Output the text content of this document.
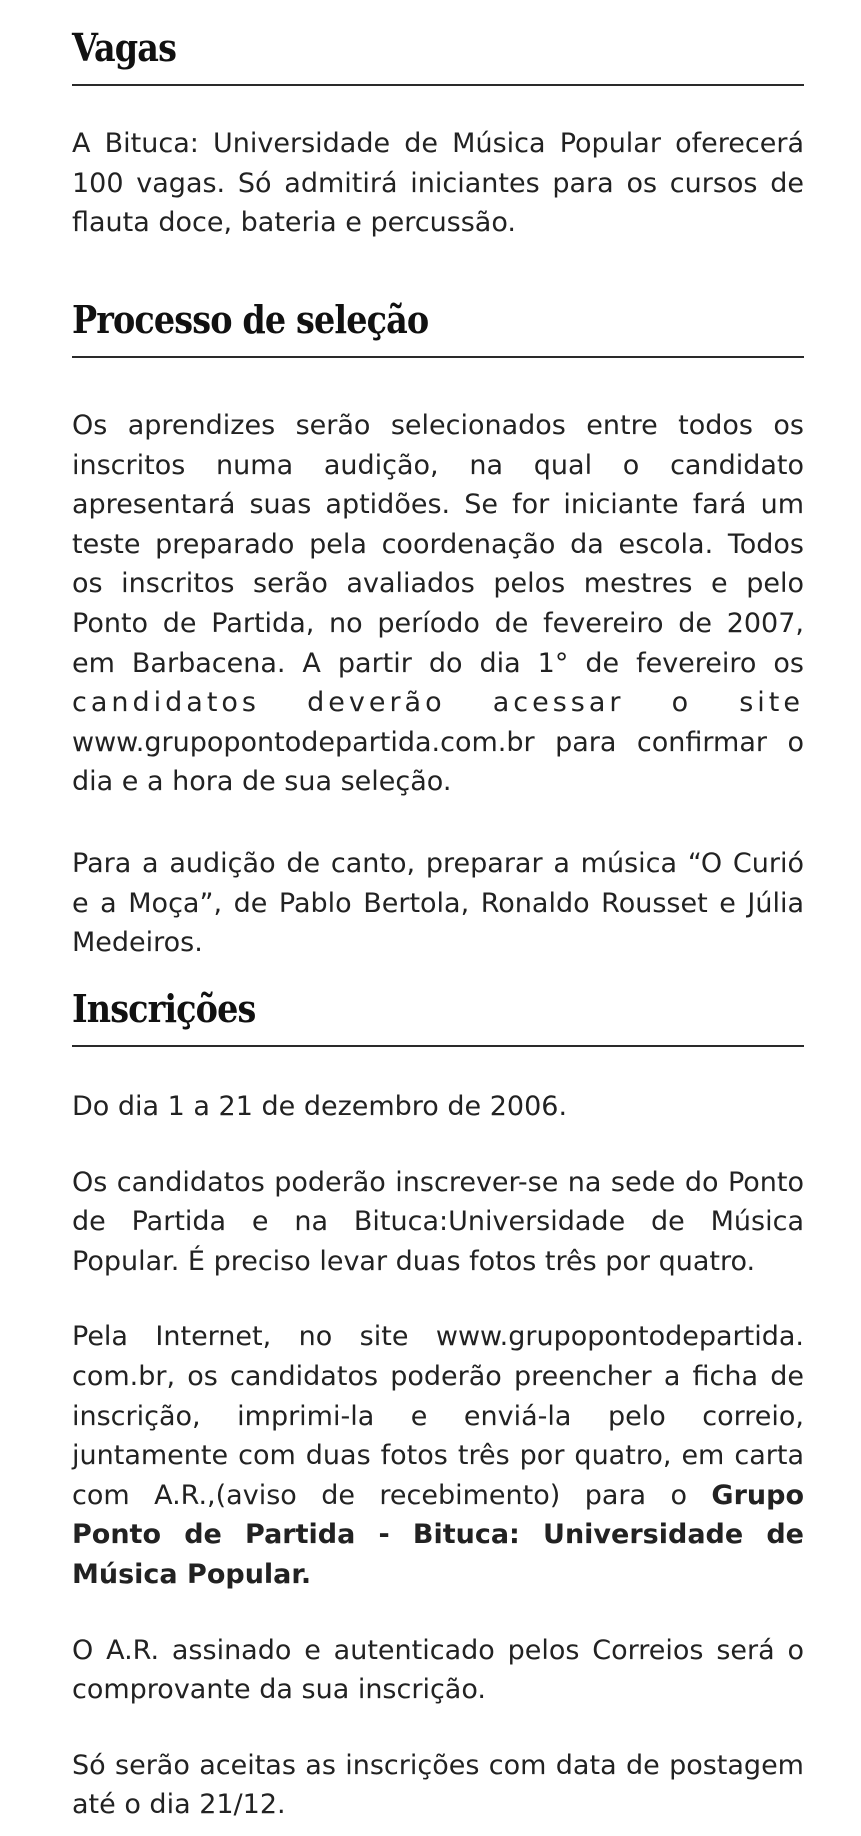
Vagas

A Bituca: Universidade de Música Popular oferecerá 100 vagas. Só admitirá iniciantes para os cursos de flauta doce, bateria e percussão.

Processo de seleção

Os aprendizes serão selecionados entre todos os inscritos numa audição, na qual o candidato apresentará suas aptidões. Se for iniciante fará um teste preparado pela coordenação da escola. Todos os inscritos serão avaliados pelos mestres e pelo Ponto de Partida, no período de fevereiro de 2007, em Barbacena. A partir do dia 1° de fevereiro os
candidatos deverão acessar o site
www.grupopontodepartida.com.br para confirmar o dia e a hora de sua seleção.

Para a audição de canto, preparar a música “O Curió e a Moça”, de Pablo Bertola, Ronaldo Rousset e Júlia Medeiros.

Inscrições

Do dia 1 a 21 de dezembro de 2006.

Os candidatos poderão inscrever-se na sede do Ponto de Partida e na Bituca:Universidade de Música Popular. É preciso levar duas fotos três por quatro.

Pela Internet, no site www.grupopontodepartida. com.br, os candidatos poderão preencher a ficha de inscrição, imprimi-la e enviá-la pelo correio, juntamente com duas fotos três por quatro, em carta com A.R.,(aviso de recebimento) para o Grupo Ponto de Partida - Bituca: Universidade de Música Popular.

O A.R. assinado e autenticado pelos Correios será o comprovante da sua inscrição.

Só serão aceitas as inscrições com data de postagem até o dia 21/12.
